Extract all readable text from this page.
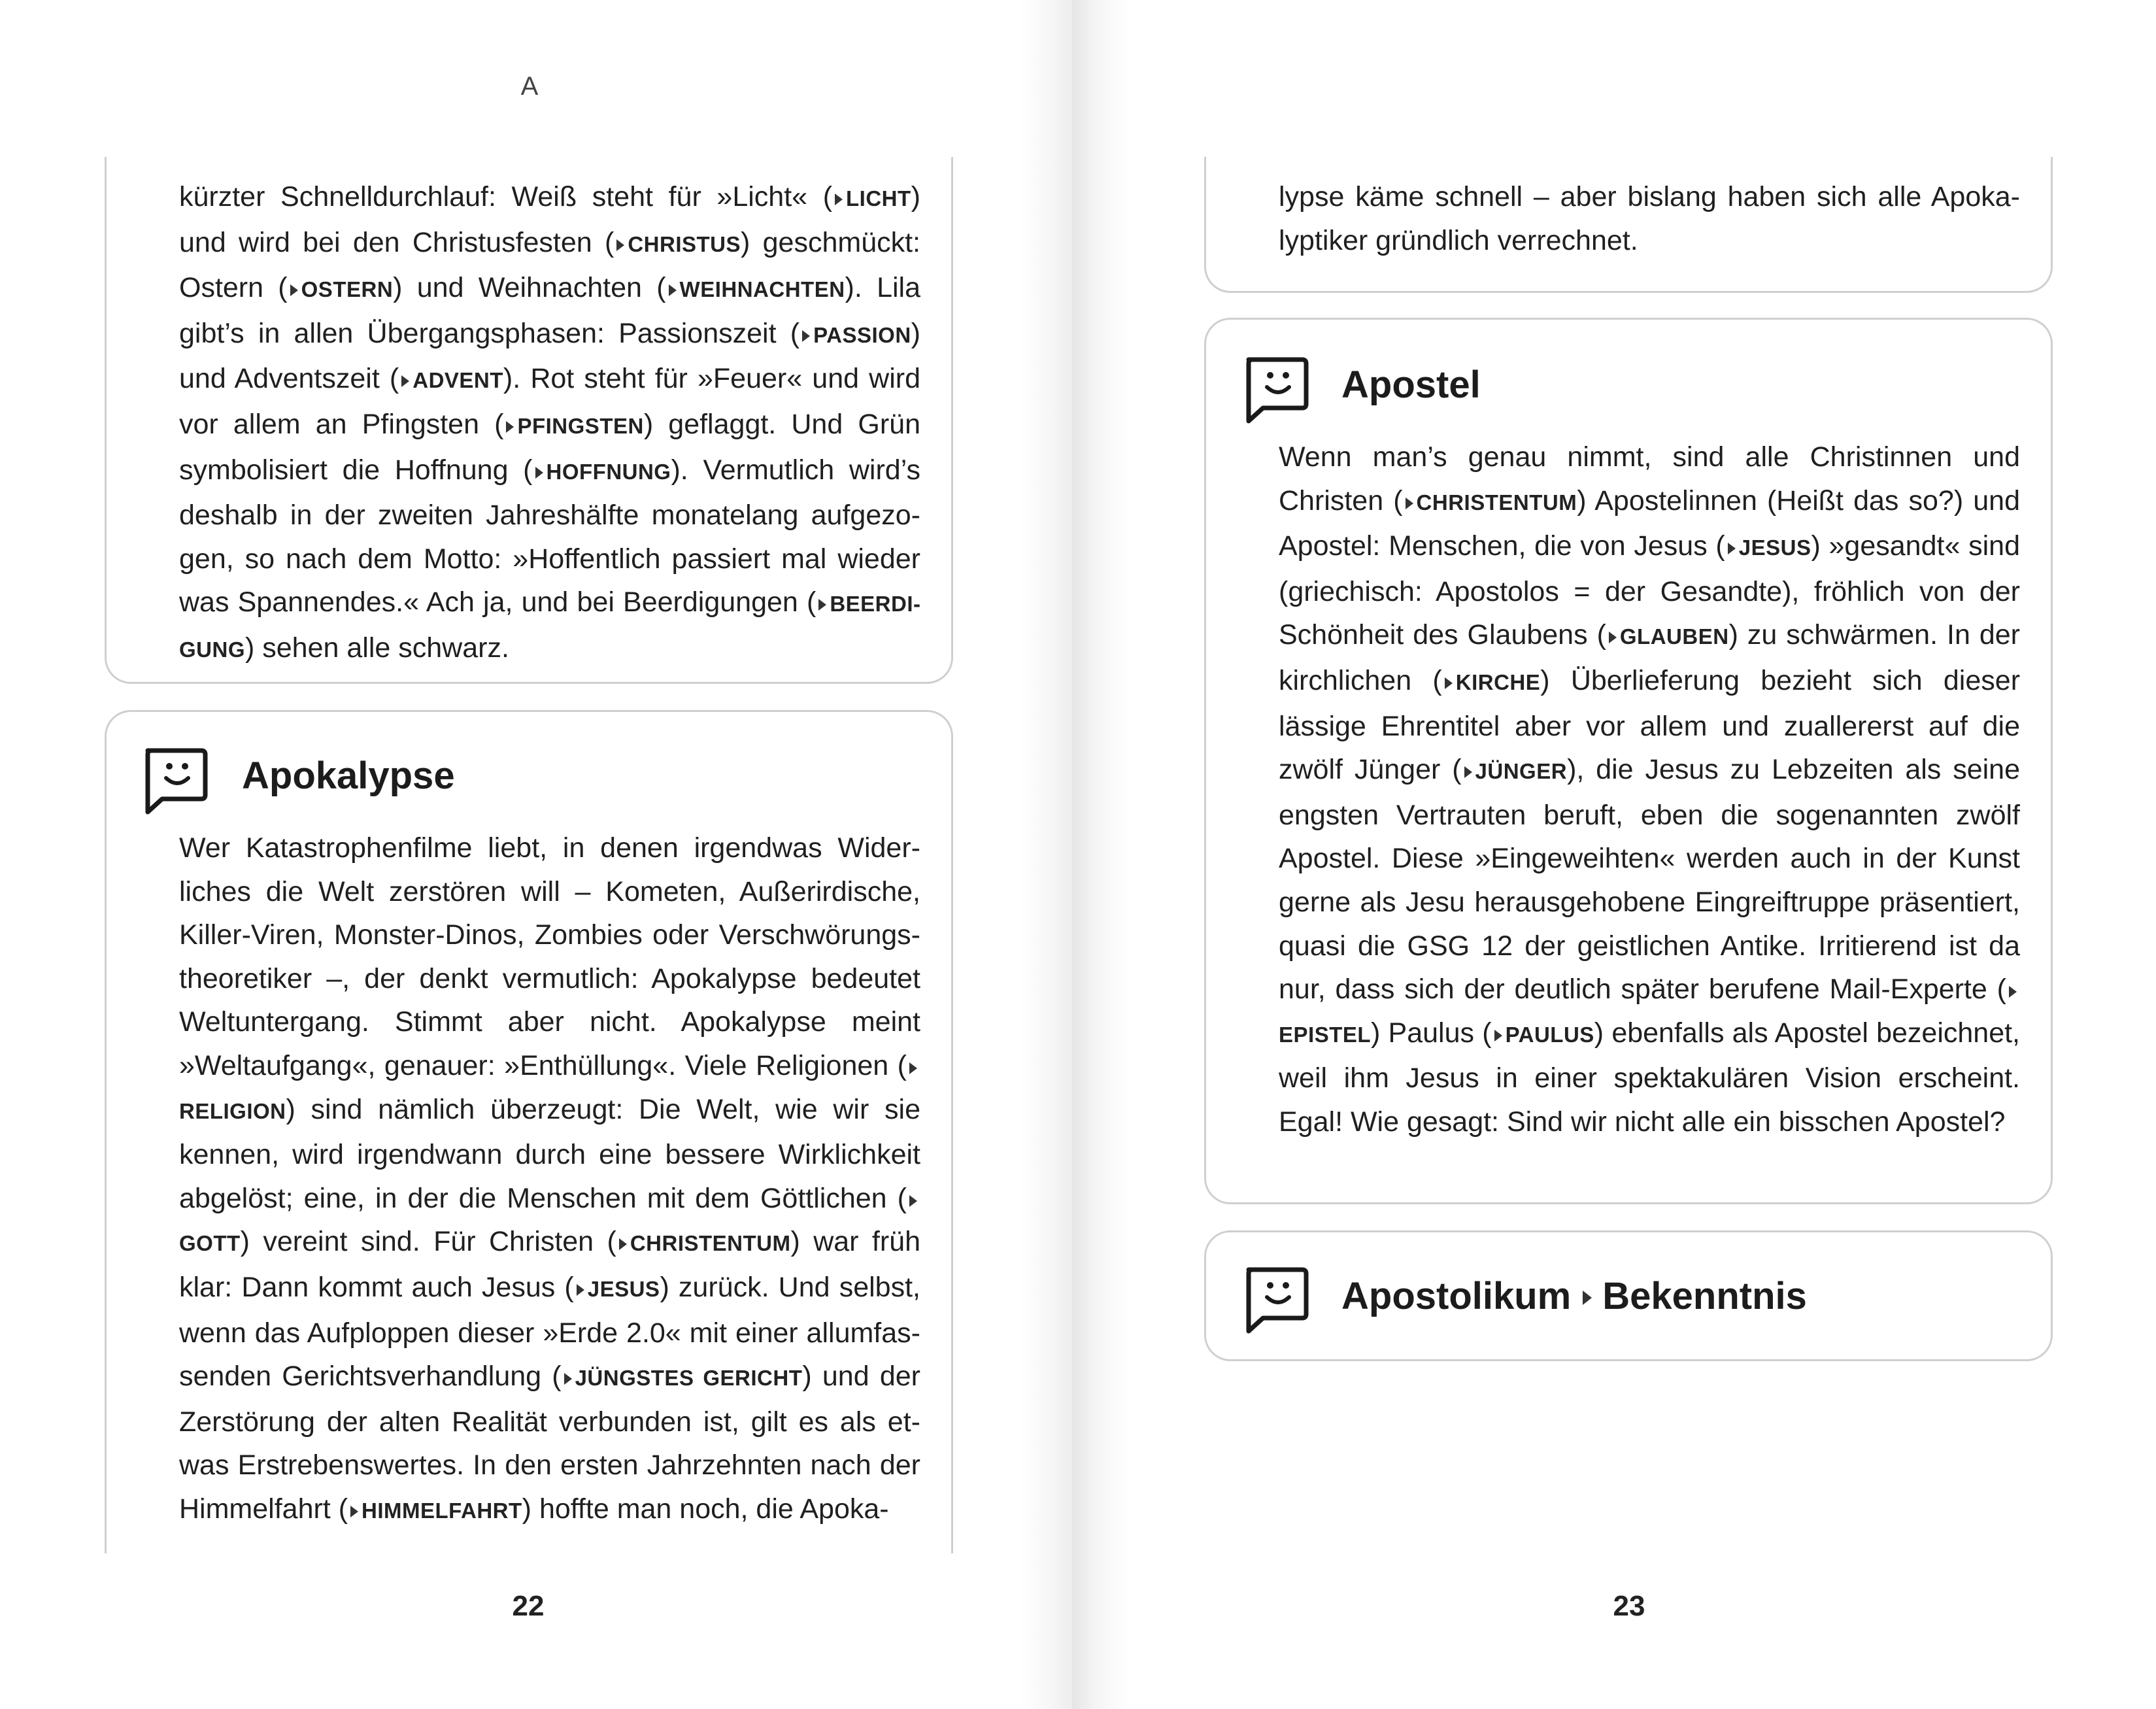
A

kürzter Schnelldurchlauf: Weiß steht für »Licht« ( LICHT) und wird bei den Christusfesten ( CHRISTUS) geschmückt: Ostern ( OSTERN) und Weihnachten ( WEIHNACHTEN). Lila gibt’s in allen Übergangsphasen: Passionszeit ( PASSION) und Adventszeit ( ADVENT). Rot steht für »Feuer« und wird vor allem an Pfingsten ( PFINGSTEN) geflaggt. Und Grün symbolisiert die Hoffnung ( HOFFNUNG). Vermutlich wird’s deshalb in der zweiten Jahreshälfte monatelang aufgezogen, so nach dem Motto: »Hoffentlich passiert mal wieder was Spannendes.« Ach ja, und bei Beerdigungen ( BEERDIGUNG) sehen alle schwarz.

Apokalypse

Wer Katastrophenfilme liebt, in denen irgendwas Widerliches die Welt zerstören will – Kometen, Außerirdische, Killer-Viren, Monster-Dinos, Zombies oder Verschwörungstheoretiker –, der denkt vermutlich: Apokalypse bedeutet Weltuntergang. Stimmt aber nicht. Apokalypse meint »Weltaufgang«, genauer: »Enthüllung«. Viele Religionen (RELIGION) sind nämlich überzeugt: Die Welt, wie wir sie kennen, wird irgendwann durch eine bessere Wirklichkeit abgelöst; eine, in der die Menschen mit dem Göttlichen (GOTT) vereint sind. Für Christen ( CHRISTENTUM) war früh klar: Dann kommt auch Jesus ( JESUS) zurück. Und selbst, wenn das Aufploppen dieser »Erde 2.0« mit einer allumfassenden Gerichtsverhandlung ( JÜNGSTES GERICHT) und der Zerstörung der alten Realität verbunden ist, gilt es als etwas Erstrebenswertes. In den ersten Jahrzehnten nach der Himmelfahrt ( HIMMELFAHRT) hoffte man noch, die Apoka-

22	23

lypse käme schnell – aber bislang haben sich alle Apokalyptiker gründlich verrechnet.

Apostel

Wenn man’s genau nimmt, sind alle Christinnen und Christen ( CHRISTENTUM) Apostelinnen (Heißt das so?) und Apostel: Menschen, die von Jesus ( JESUS) »gesandt« sind (griechisch: Apostolos = der Gesandte), fröhlich von der Schönheit des Glaubens ( GLAUBEN) zu schwärmen. In der kirchlichen ( KIRCHE) Überlieferung bezieht sich dieser lässige Ehrentitel aber vor allem und zuallererst auf die zwölf Jünger ( JÜNGER), die Jesus zu Lebzeiten als seine engsten Vertrauten beruft, eben die sogenannten zwölf Apostel. Diese »Eingeweihten« werden auch in der Kunst gerne als Jesu herausgehobene Eingreiftruppe präsentiert, quasi die GSG 12 der geistlichen Antike. Irritierend ist da nur, dass sich der deutlich später berufene Mail-Experte (EPISTEL) Paulus ( PAULUS) ebenfalls als Apostel bezeichnet, weil ihm Jesus in einer spektakulären Vision erscheint. Egal! Wie gesagt: Sind wir nicht alle ein bisschen Apostel?

Apostolikum Bekenntnis
